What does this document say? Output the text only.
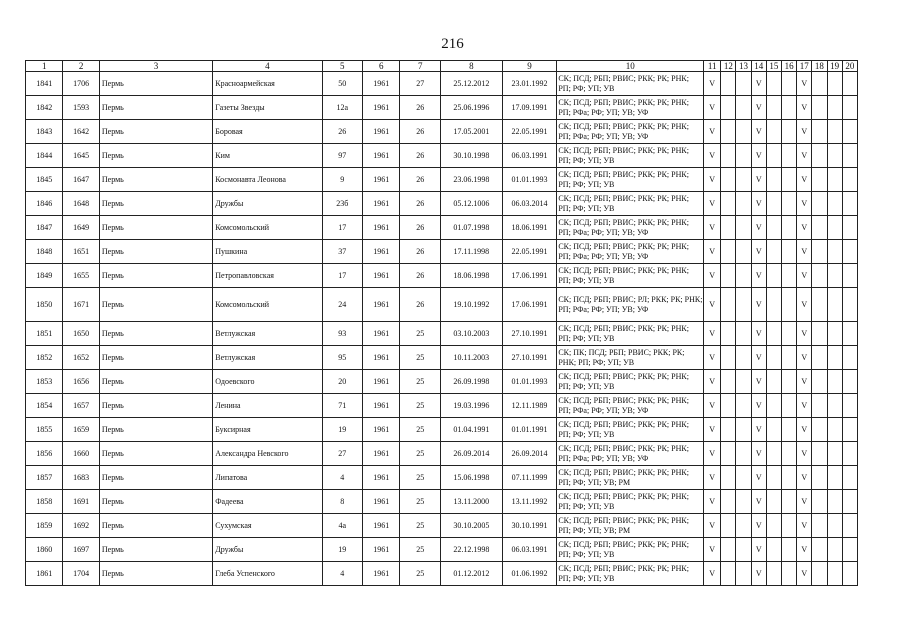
216
1	2	3	4	5	6	7	8	9	10	11	12	13	14	15	16	17	18	19	20
1841	1706	Пермь	Красноармейская	50	1961	27	25.12.2012	23.01.1992	СК; ПСД; РБП; РВИС; РКК; РК; РНК; РП; РФ; УП; УВ	V			V			V			
1842	1593	Пермь	Газеты Звезды	12а	1961	26	25.06.1996	17.09.1991	СК; ПСД; РБП; РВИС; РКК; РК; РНК; РП; РФа; РФ; УП; УВ; УФ	V			V			V			
1843	1642	Пермь	Боровая	26	1961	26	17.05.2001	22.05.1991	СК; ПСД; РБП; РВИС; РКК; РК; РНК; РП; РФа; РФ; УП; УВ; УФ	V			V			V			
1844	1645	Пермь	Ким	97	1961	26	30.10.1998	06.03.1991	СК; ПСД; РБП; РВИС; РКК; РК; РНК; РП; РФ; УП; УВ	V			V			V			
1845	1647	Пермь	Космонавта Леонова	9	1961	26	23.06.1998	01.01.1993	СК; ПСД; РБП; РВИС; РКК; РК; РНК; РП; РФ; УП; УВ	V			V			V			
1846	1648	Пермь	Дружбы	23б	1961	26	05.12.1006	06.03.2014	СК; ПСД; РБП; РВИС; РКК; РК; РНК; РП; РФ; УП; УВ	V			V			V			
1847	1649	Пермь	Комсомольский	17	1961	26	01.07.1998	18.06.1991	СК; ПСД; РБП; РВИС; РКК; РК; РНК; РП; РФа; РФ; УП; УВ; УФ	V			V			V			
1848	1651	Пермь	Пушкина	37	1961	26	17.11.1998	22.05.1991	СК; ПСД; РБП; РВИС; РКК; РК; РНК; РП; РФа; РФ; УП; УВ; УФ	V			V			V			
1849	1655	Пермь	Петропавловская	17	1961	26	18.06.1998	17.06.1991	СК; ПСД; РБП; РВИС; РКК; РК; РНК; РП; РФ; УП; УВ	V			V			V			
1850	1671	Пермь	Комсомольский	24	1961	26	19.10.1992	17.06.1991	СК; ПСД; РБП; РВИС; РЛ; РКК; РК; РНК; РП; РФа; РФ; УП; УВ; УФ	V			V			V			
1851	1650	Пермь	Ветлужская	93	1961	25	03.10.2003	27.10.1991	СК; ПСД; РБП; РВИС; РКК; РК; РНК; РП; РФ; УП; УВ	V			V			V			
1852	1652	Пермь	Ветлужская	95	1961	25	10.11.2003	27.10.1991	СК; ПК; ПСД; РБП; РВИС; РКК; РК; РНК; РП; РФ; УП; УВ	V			V			V			
1853	1656	Пермь	Одоевского	20	1961	25	26.09.1998	01.01.1993	СК; ПСД; РБП; РВИС; РКК; РК; РНК; РП; РФ; УП; УВ	V			V			V			
1854	1657	Пермь	Ленина	71	1961	25	19.03.1996	12.11.1989	СК; ПСД; РБП; РВИС; РКК; РК; РНК; РП; РФа; РФ; УП; УВ; УФ	V			V			V			
1855	1659	Пермь	Буксирная	19	1961	25	01.04.1991	01.01.1991	СК; ПСД; РБП; РВИС; РКК; РК; РНК; РП; РФ; УП; УВ	V			V			V			
1856	1660	Пермь	Александра Невского	27	1961	25	26.09.2014	26.09.2014	СК; ПСД; РБП; РВИС; РКК; РК; РНК; РП; РФа; РФ; УП; УВ; УФ	V			V			V			
1857	1683	Пермь	Липатова	4	1961	25	15.06.1998	07.11.1999	СК; ПСД; РБП; РВИС; РКК; РК; РНК; РП; РФ; УП; УВ; РМ	V			V			V			
1858	1691	Пермь	Фадеева	8	1961	25	13.11.2000	13.11.1992	СК; ПСД; РБП; РВИС; РКК; РК; РНК; РП; РФ; УП; УВ	V			V			V			
1859	1692	Пермь	Сухумская	4а	1961	25	30.10.2005	30.10.1991	СК; ПСД; РБП; РВИС; РКК; РК; РНК; РП; РФ; УП; УВ; РМ	V			V			V			
1860	1697	Пермь	Дружбы	19	1961	25	22.12.1998	06.03.1991	СК; ПСД; РБП; РВИС; РКК; РК; РНК; РП; РФ; УП; УВ	V			V			V			
1861	1704	Пермь	Глеба Успенского	4	1961	25	01.12.2012	01.06.1992	СК; ПСД; РБП; РВИС; РКК; РК; РНК; РП; РФ; УП; УВ	V			V			V			
